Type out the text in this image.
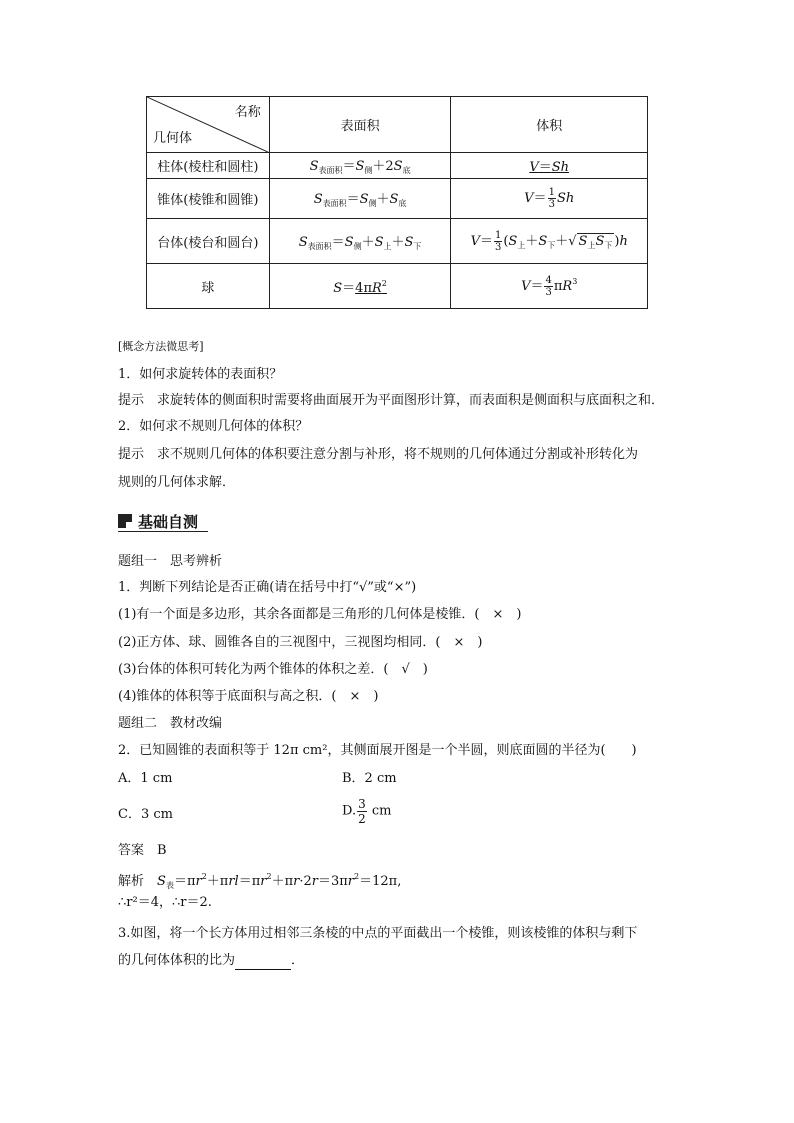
名称
几何体	表面积	体积
柱体(棱柱和圆柱)	$S_{表面积}=S_侧+2S_底$	V＝Sh
锥体(棱锥和圆锥)	$S_{表面积}=S_侧+S_底$	$V= \frac{1}{3}$ Sh
台体(棱台和圆台)	$S_{表面积}=S_侧+S_上+S_下$	$V= \frac{1}{3} (S_上+S_下+√$ $S_上S_下$ )h
球	$S=4\pi R^2$	$V= \frac{4}{3} \pi R^3$
[概念方法微思考]
1．如何求旋转体的表面积？
提示　 求旋转体的侧面积时需要将曲面展开为平面图形计算，而表面积是侧面积与底面积之和．
2．如何求不规则几何体的体积？
提示　 求不规则几何体的体积要注意分割与补形，将不规则的几何体通过分割或补形转化为
规则的几何体求解．
基础自测
题组一　思考辨析
1．判断下列结论是否正确(请在括号中打“√”或“×”)
(1)有一个面是多边形，其余各面都是三角形的几何体是棱锥．(　×　)
(2)正方体、球、圆锥各自的三视图中，三视图均相同．(　×　)
(3)台体的体积可转化为两个锥体的体积之差．(　√　)
(4)锥体的体积等于底面积与高之积．(　×　)
题组二　教材改编
2．已知圆锥的表面积等于 12π cm²，其侧面展开图是一个半圆，则底面圆的半径为(　　)
A．1 cm	B．2 cm
C．3 cm	D. $\frac{3}{2}$ cm
答案　 B
解析　 $S_表=\pi r^2+\pi rl=\pi r^2+\pi r\cdot 2r=3\pi r^2=12\pi$,
∴r²＝4，∴r＝2.
3.如图，将一个长方体用过相邻三条棱的中点的平面截出一个棱锥，则该棱锥的体积与剩下
的几何体体积的比为	．
